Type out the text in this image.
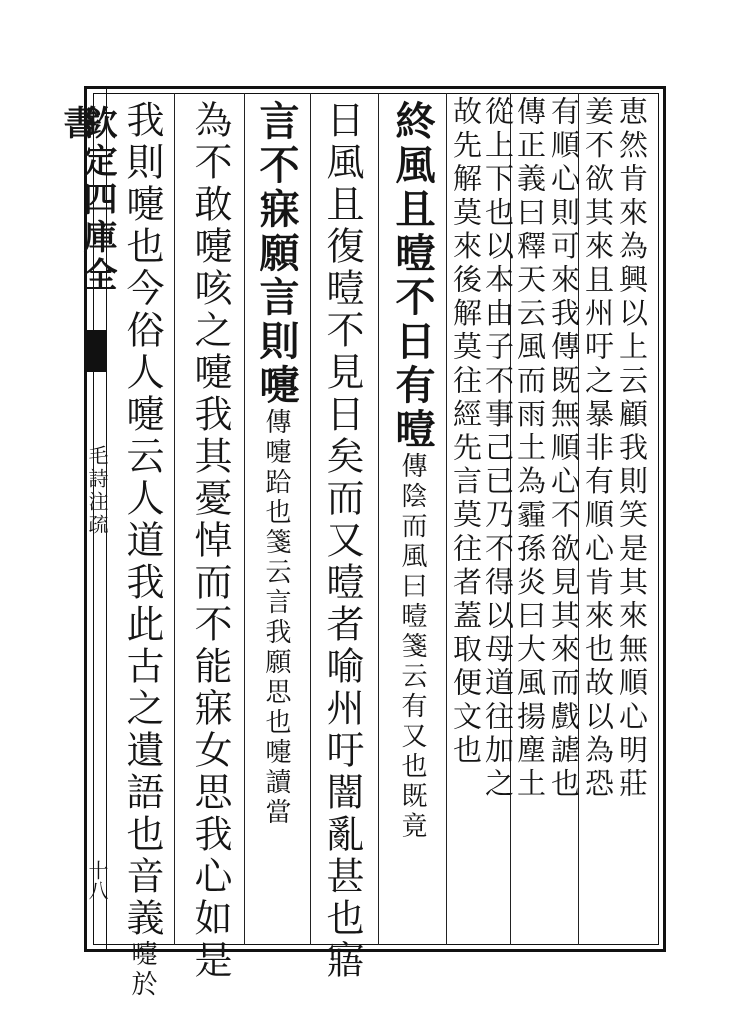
欽定四庫全書
毛詩注疏
十八
恵然肯來為興以上云顧我則笑是其來無順心明莊
姜不欲其來且州吁之暴非有順心肯來也故以為恐
有順心則可來我傳既無順心不欲見其來而戲謔也
傳正義曰釋天云風而雨土為霾孫炎曰大風揚塵土
從上下也以本由子不事己已乃不得以母道往加之
故先解莫來後解莫往經先言莫往者蓋取便文也
終風且曀不日有曀傳陰而風曰曀箋云有又也既竟
日風且復曀不見日矣而又曀者喻州吁闇亂甚也寤
言不寐願言則嚏傳嚏跲也箋云言我願思也嚏讀當
為不敢嚏咳之嚏我其憂悼而不能寐女思我心如是
我則嚏也今俗人嚏云人道我此古之遺語也音義嚏於
